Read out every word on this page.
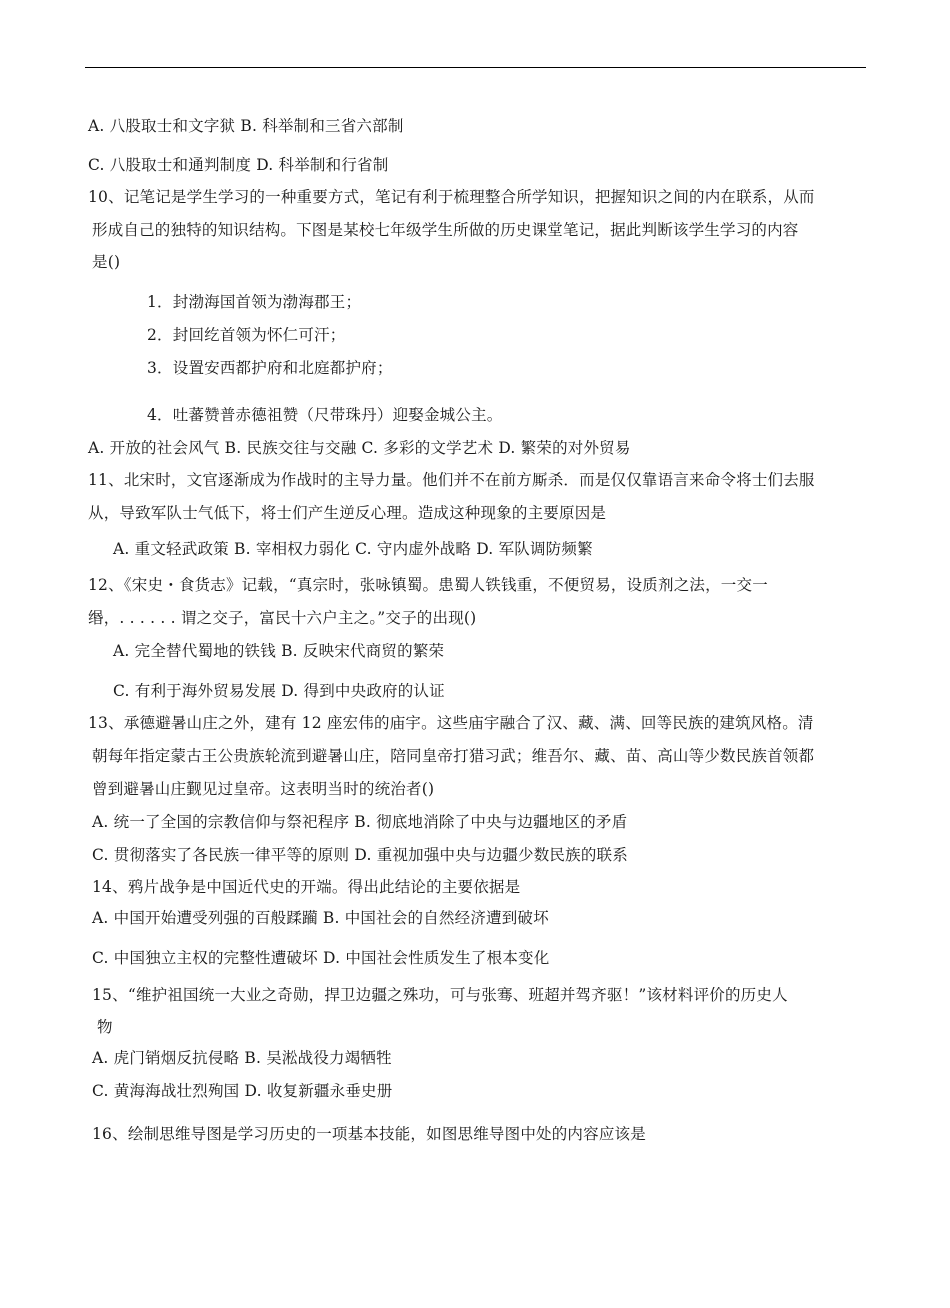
A. 八股取士和文字狱 B. 科举制和三省六部制
C. 八股取士和通判制度 D. 科举制和行省制
10、记笔记是学生学习的一种重要方式，笔记有利于梳理整合所学知识，把握知识之间的内在联系，从而
形成自己的独特的知识结构。下图是某校七年级学生所做的历史课堂笔记，据此判断该学生学习的内容
是()
1．封渤海国首领为渤海郡王；
2．封回纥首领为怀仁可汗；
3．设置安西都护府和北庭都护府；
4．吐蕃赞普赤德祖赞（尺带珠丹）迎娶金城公主。
A. 开放的社会风气 B. 民族交往与交融 C. 多彩的文学艺术 D. 繁荣的对外贸易
11、北宋时，文官逐渐成为作战时的主导力量。他们并不在前方厮杀．而是仅仅靠语言来命令将士们去服
从，导致军队士气低下，将士们产生逆反心理。造成这种现象的主要原因是
A. 重文轻武政策 B. 宰相权力弱化 C. 守内虚外战略 D. 军队调防频繁
12、《宋史・食货志》记载，“真宗时，张咏镇蜀。患蜀人铁钱重，不便贸易，设质剂之法，一交一
缗，. . . . . . 谓之交子，富民十六户主之。”交子的出现()
A. 完全替代蜀地的铁钱 B. 反映宋代商贸的繁荣
C. 有利于海外贸易发展 D. 得到中央政府的认证
13、承德避暑山庄之外，建有 12 座宏伟的庙宇。这些庙宇融合了汉、藏、满、回等民族的建筑风格。清
朝每年指定蒙古王公贵族轮流到避暑山庄，陪同皇帝打猎习武；维吾尔、藏、苗、高山等少数民族首领都
曾到避暑山庄觐见过皇帝。这表明当时的统治者()
A. 统一了全国的宗教信仰与祭祀程序 B. 彻底地消除了中央与边疆地区的矛盾
C. 贯彻落实了各民族一律平等的原则 D. 重视加强中央与边疆少数民族的联系
14、鸦片战争是中国近代史的开端。得出此结论的主要依据是
A. 中国开始遭受列强的百般蹂躏 B. 中国社会的自然经济遭到破坏
C. 中国独立主权的完整性遭破坏 D. 中国社会性质发生了根本变化
15、“维护祖国统一大业之奇勋，捍卫边疆之殊功，可与张骞、班超并驾齐驱！”该材料评价的历史人
物
A. 虎门销烟反抗侵略 B. 吴淞战役力竭牺牲
C. 黄海海战壮烈殉国 D. 收复新疆永垂史册
16、绘制思维导图是学习历史的一项基本技能，如图思维导图中处的内容应该是
